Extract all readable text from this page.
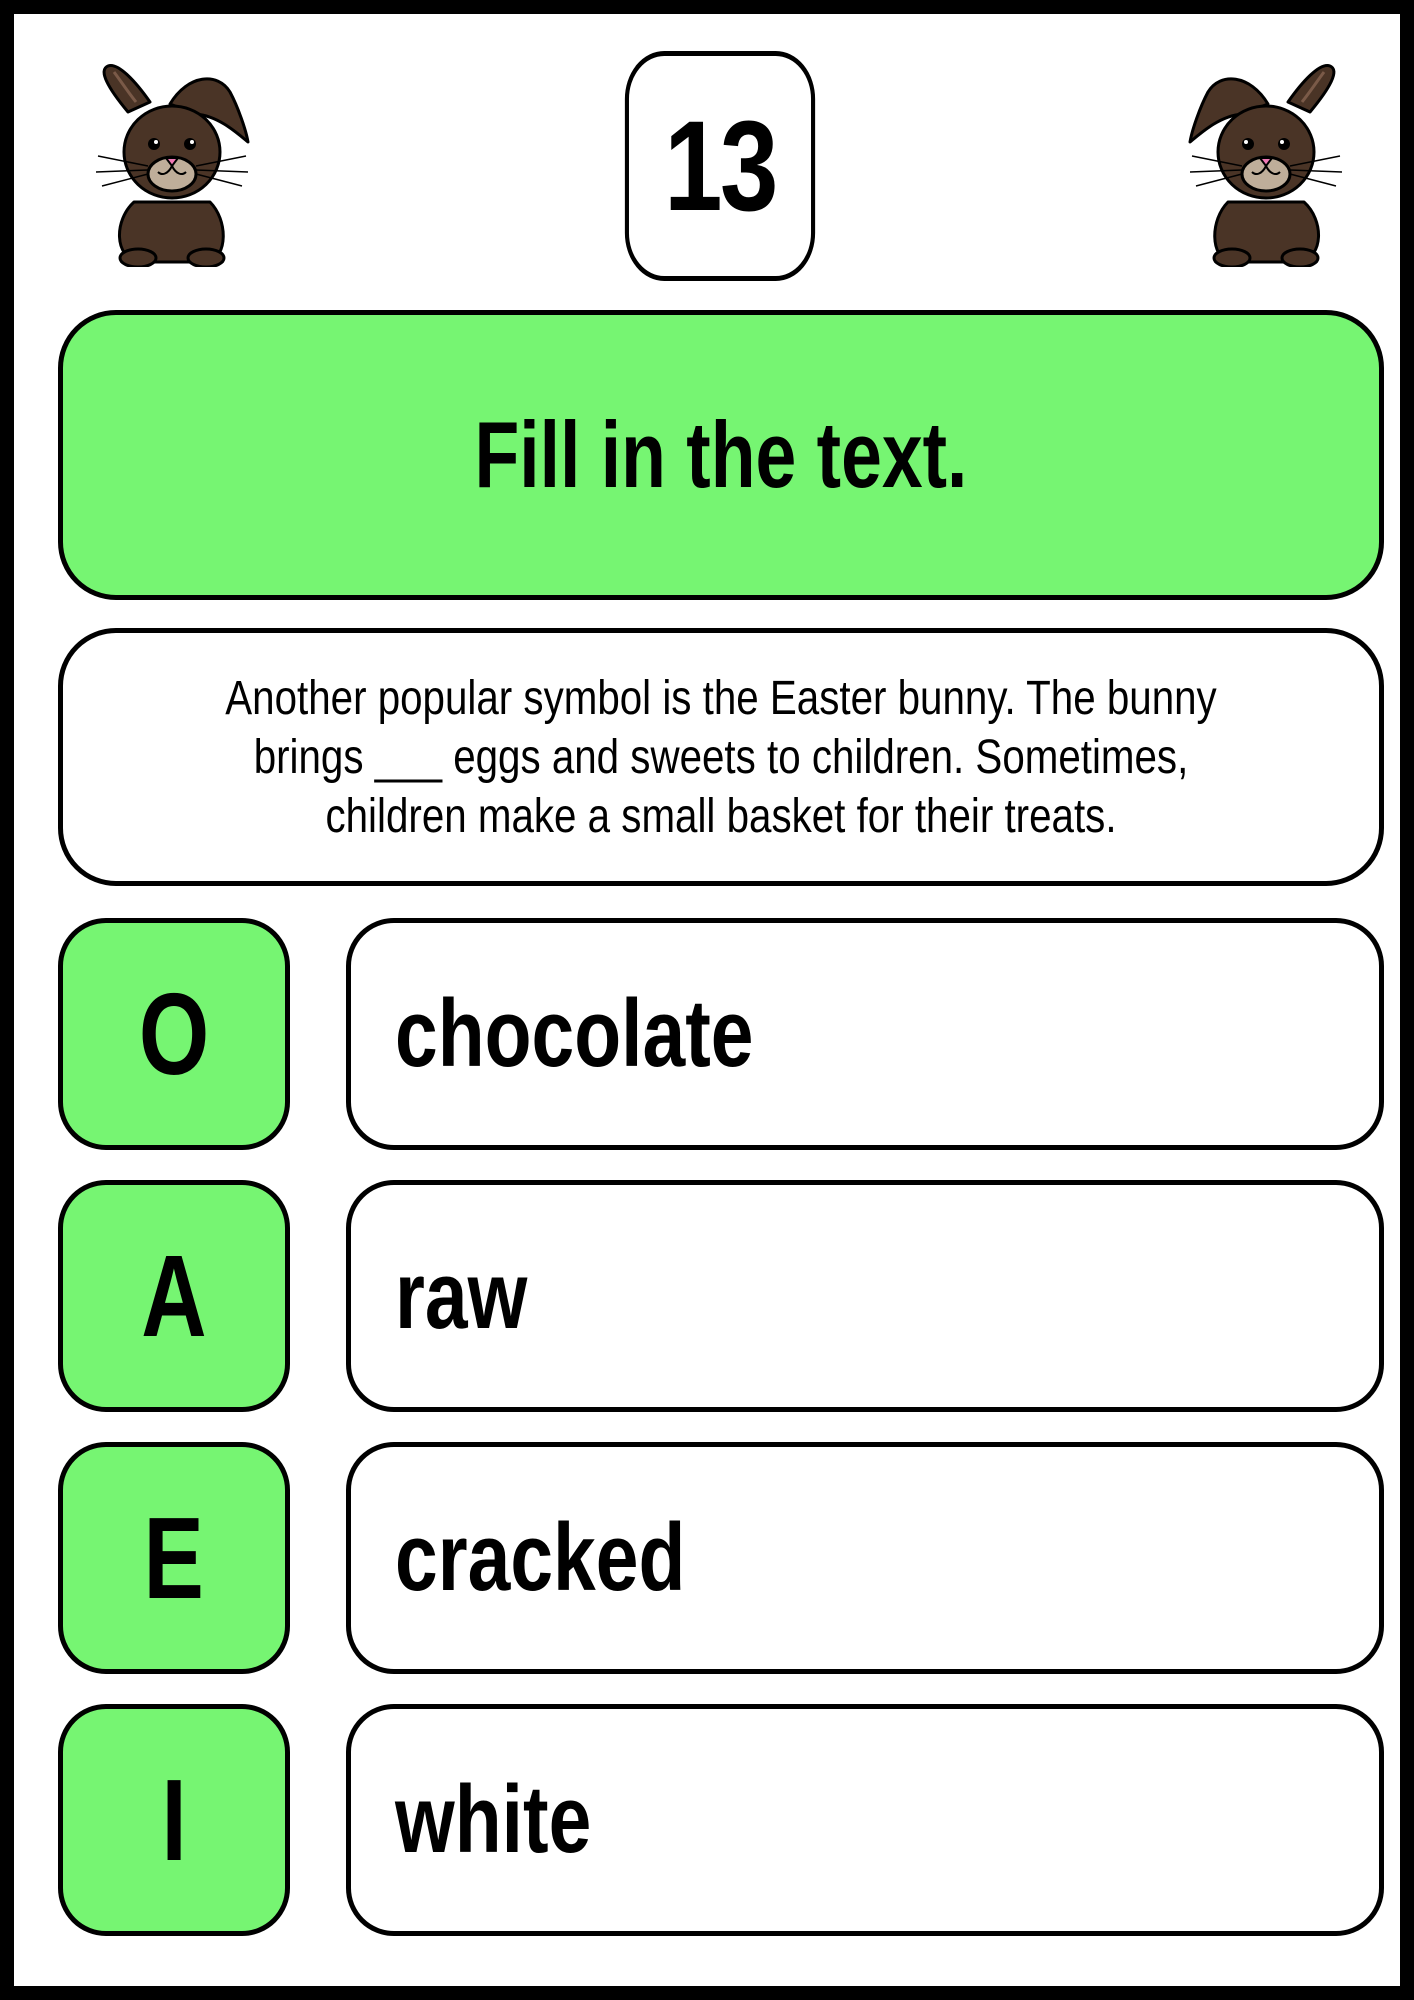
13
Fill in the text.
Another popular symbol is the Easter bunny. The bunny brings ___ eggs and sweets to children. Sometimes, children make a small basket for their treats.
O chocolate
A raw
E cracked
I white
